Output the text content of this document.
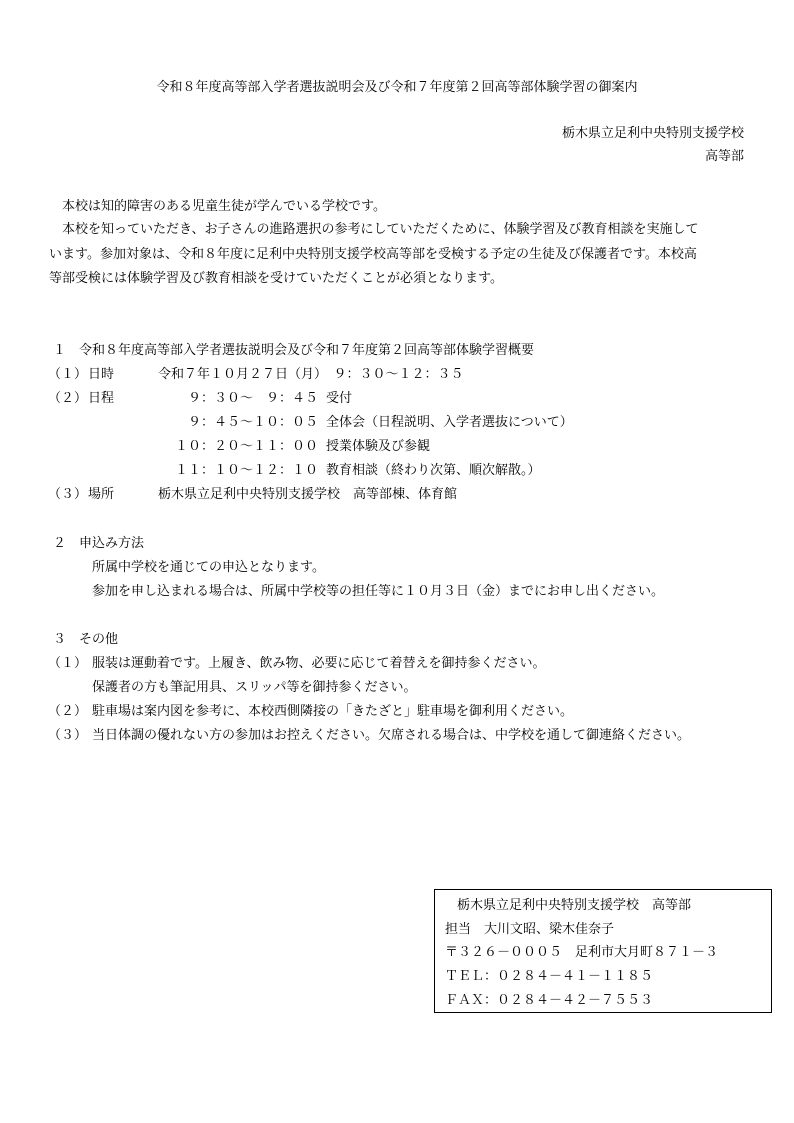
令和８年度高等部入学者選抜説明会及び令和７年度第２回高等部体験学習の御案内
栃木県立足利中央特別支援学校
高等部
本校は知的障害のある児童生徒が学んでいる学校です。
本校を知っていただき、お子さんの進路選択の参考にしていただくために、体験学習及び教育相談を実施して
います。参加対象は、令和８年度に足利中央特別支援学校高等部を受検する予定の生徒及び保護者です。本校高
等部受検には体験学習及び教育相談を受けていただくことが必須となります。
１　令和８年度高等部入学者選抜説明会及び令和７年度第２回高等部体験学習概要
（１） 日時	令和７年１０月２７日（月）　９：３０～１２：３５
（２） 日程	９：３０～　９：４５ 受付
９：４５～１０：０５ 全体会（日程説明、入学者選抜について）
１０：２０～１１：００ 授業体験及び参観
１１：１０～１２：１０ 教育相談（終わり次第、順次解散。）
（３） 場所	栃木県立足利中央特別支援学校　高等部棟、体育館
２　申込み方法
所属中学校を通じての申込となります。
参加を申し込まれる場合は、所属中学校等の担任等に１０月３日（金）までにお申し出ください。
３　その他
（１） 服装は運動着です。上履き、飲み物、必要に応じて着替えを御持参ください。
保護者の方も筆記用具、スリッパ等を御持参ください。
（２） 駐車場は案内図を参考に、本校西側隣接の「きたざと」駐車場を御利用ください。
（３） 当日体調の優れない方の参加はお控えください。欠席される場合は、中学校を通して御連絡ください。
栃木県立足利中央特別支援学校　高等部
担当　大川文昭、梁木佳奈子
〒３２６－０００５　足利市大月町８７１－３
ＴＥＬ：０２８４－４１－１１８５
ＦＡＸ：０２８４－４２－７５５３
